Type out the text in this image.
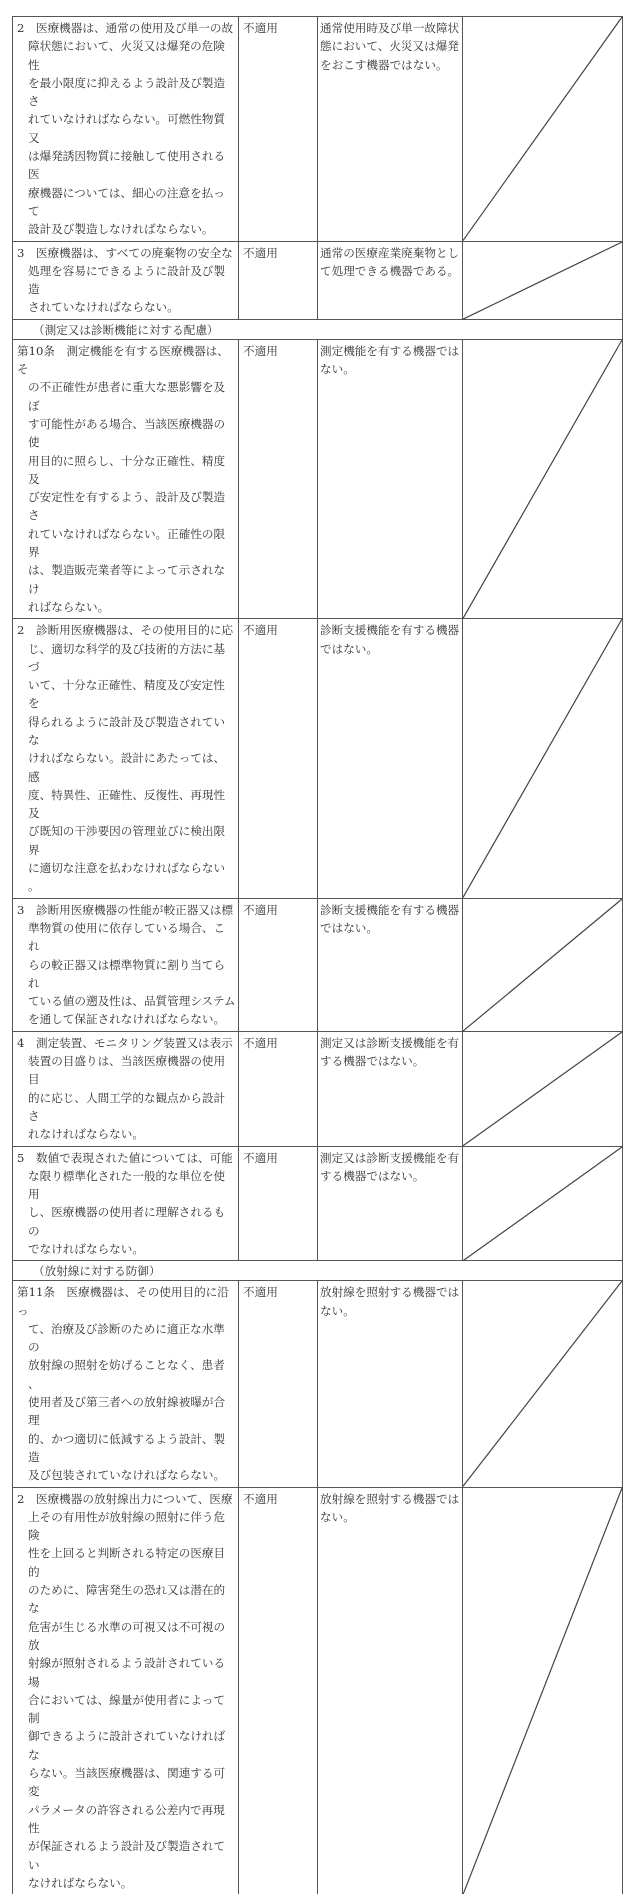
2　医療機器は、通常の使用及び単一の故
障状態において、火災又は爆発の危険性
を最小限度に抑えるよう設計及び製造さ
れていなければならない。可燃性物質又
は爆発誘因物質に接触して使用される医
療機器については、細心の注意を払って
設計及び製造しなければならない。
不適用	通常使用時及び単一故障状
態において、火災又は爆発
をおこす機器ではない。
3　医療機器は、すべての廃棄物の安全な
処理を容易にできるように設計及び製造
されていなければならない。
不適用	通常の医療産業廃棄物とし
て処理できる機器である。
（測定又は診断機能に対する配慮）
第10条　測定機能を有する医療機器は、そ
の不正確性が患者に重大な悪影響を及ぼ
す可能性がある場合、当該医療機器の使
用目的に照らし、十分な正確性、精度及
び安定性を有するよう、設計及び製造さ
れていなければならない。正確性の限界
は、製造販売業者等によって示されなけ
ればならない。
不適用	測定機能を有する機器では
ない。
2　診断用医療機器は、その使用目的に応
じ、適切な科学的及び技術的方法に基づ
いて、十分な正確性、精度及び安定性を
得られるように設計及び製造されていな
ければならない。設計にあたっては、感
度、特異性、正確性、反復性、再現性及
び既知の干渉要因の管理並びに検出限界
に適切な注意を払わなければならない。
不適用	診断支援機能を有する機器
ではない。
3　診断用医療機器の性能が較正器又は標
準物質の使用に依存している場合、これ
らの較正器又は標準物質に割り当てられ
ている値の遡及性は、品質管理システム
を通して保証されなければならない。
不適用	診断支援機能を有する機器
ではない。
4　測定装置、モニタリング装置又は表示
装置の目盛りは、当該医療機器の使用目
的に応じ、人間工学的な観点から設計さ
れなければならない。
不適用	測定又は診断支援機能を有
する機器ではない。
5　数値で表現された値については、可能
な限り標準化された一般的な単位を使用
し、医療機器の使用者に理解されるもの
でなければならない。
不適用	測定又は診断支援機能を有
する機器ではない。
（放射線に対する防御）
第11条　医療機器は、その使用目的に沿っ
て、治療及び診断のために適正な水準の
放射線の照射を妨げることなく、患者、
使用者及び第三者への放射線被曝が合理
的、かつ適切に低減するよう設計、製造
及び包装されていなければならない。
不適用	放射線を照射する機器では
ない。
2　医療機器の放射線出力について、医療
上その有用性が放射線の照射に伴う危険
性を上回ると判断される特定の医療目的
のために、障害発生の恐れ又は潜在的な
危害が生じる水準の可視又は不可視の放
射線が照射されるよう設計されている場
合においては、線量が使用者によって制
御できるように設計されていなければな
らない。当該医療機器は、関連する可変
パラメータの許容される公差内で再現性
が保証されるよう設計及び製造されてい
なければならない。
不適用	放射線を照射する機器では
ない。
